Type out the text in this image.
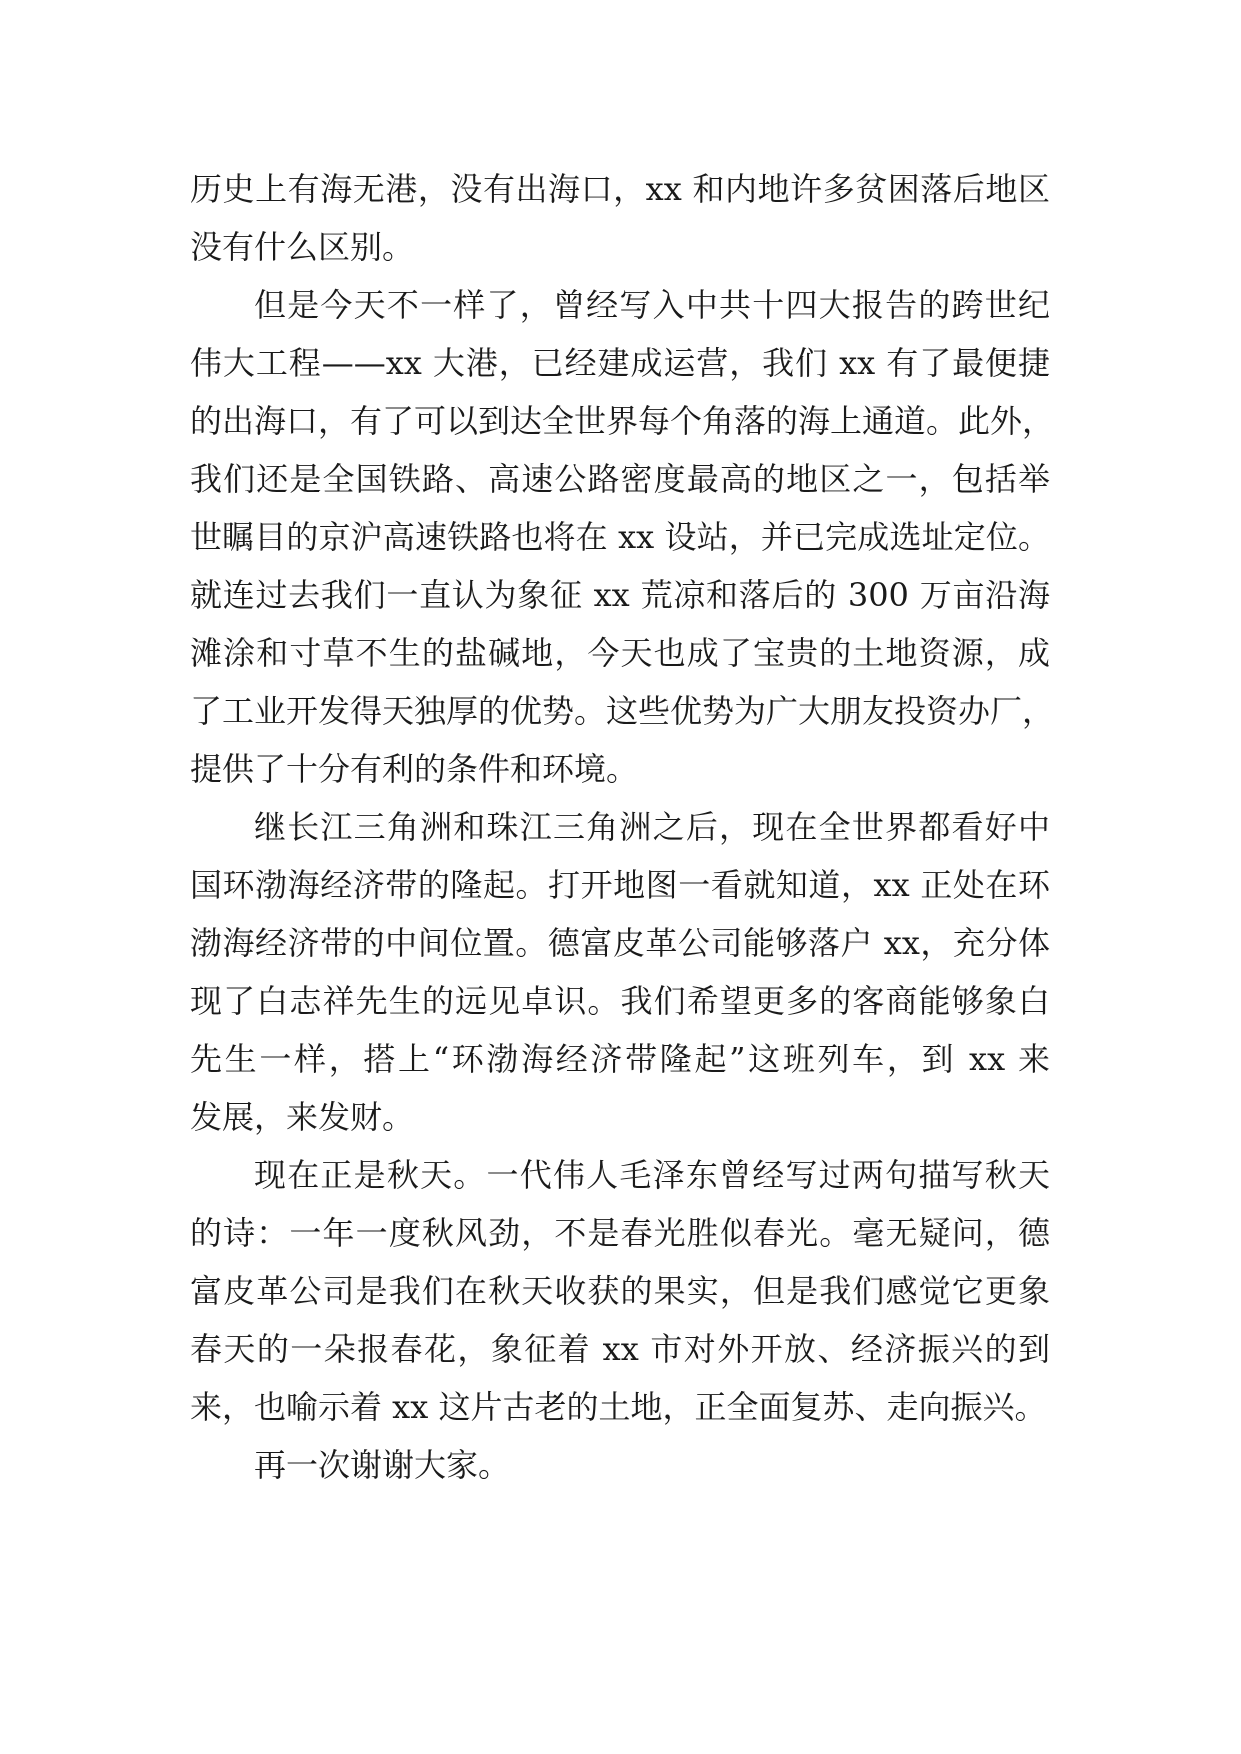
历史上有海无港，没有出海口，xx 和内地许多贫困落后地区
没有什么区别。
但是今天不一样了，曾经写入中共十四大报告的跨世纪
伟大工程——xx 大港，已经建成运营，我们 xx 有了最便捷
的出海口，有了可以到达全世界每个角落的海上通道。此外，
我们还是全国铁路、高速公路密度最高的地区之一，包括举
世瞩目的京沪高速铁路也将在 xx 设站，并已完成选址定位。
就连过去我们一直认为象征 xx 荒凉和落后的 300 万亩沿海
滩涂和寸草不生的盐碱地，今天也成了宝贵的土地资源，成
了工业开发得天独厚的优势。这些优势为广大朋友投资办厂，
提供了十分有利的条件和环境。
继长江三角洲和珠江三角洲之后，现在全世界都看好中
国环渤海经济带的隆起。打开地图一看就知道，xx 正处在环
渤海经济带的中间位置。德富皮革公司能够落户 xx，充分体
现了白志祥先生的远见卓识。我们希望更多的客商能够象白
先生一样，搭上“环渤海经济带隆起”这班列车，到 xx 来
发展，来发财。
现在正是秋天。一代伟人毛泽东曾经写过两句描写秋天
的诗：一年一度秋风劲，不是春光胜似春光。毫无疑问，德
富皮革公司是我们在秋天收获的果实，但是我们感觉它更象
春天的一朵报春花，象征着 xx 市对外开放、经济振兴的到
来，也喻示着 xx 这片古老的土地，正全面复苏、走向振兴。
再一次谢谢大家。
